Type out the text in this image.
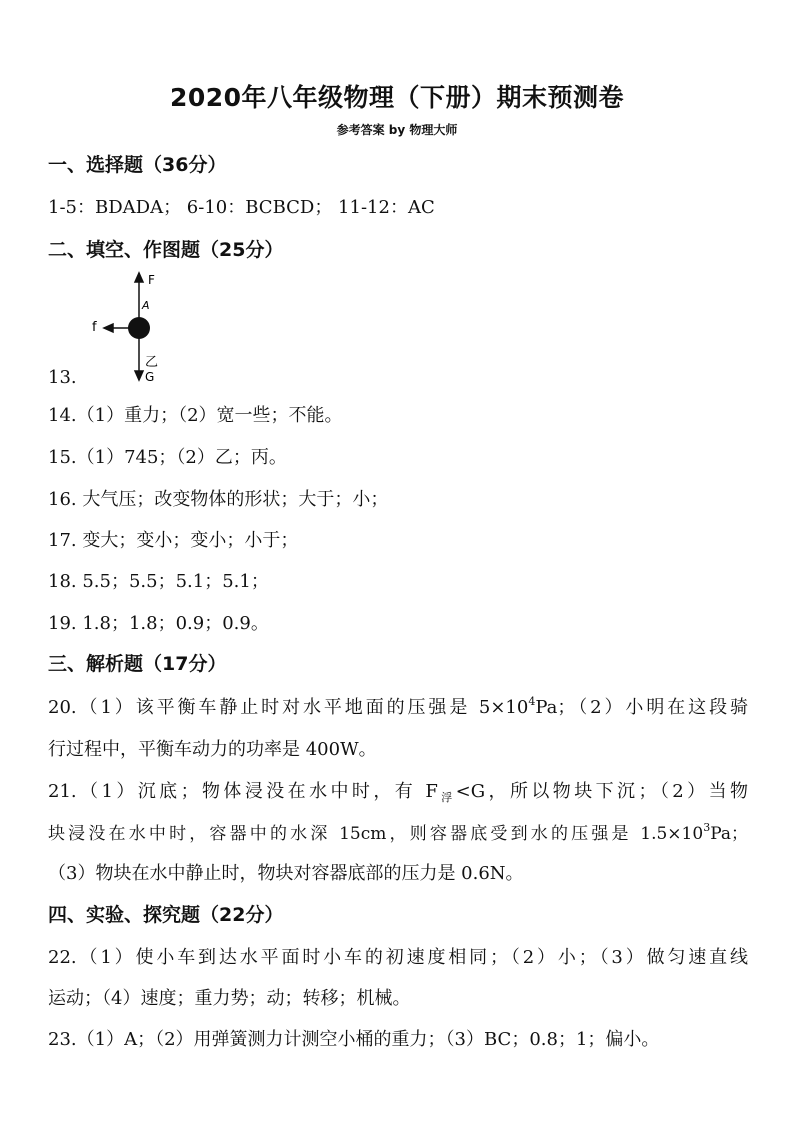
2020年八年级物理（下册）期末预测卷
参考答案 by 物理大师
一、选择题（36分）
1-5：BDADA； 6-10：BCBCD； 11-12：AC
二、填空、作图题（25分）
F
A
f
乙
G
13.
14.（1）重力；（2）宽一些；不能。
15.（1）745；（2）乙；丙。
16. 大气压；改变物体的形状；大于；小；
17. 变大；变小；变小；小于；
18. 5.5；5.5；5.1；5.1；
19. 1.8；1.8；0.9；0.9。
三、解析题（17分）
20.（1）该平衡车静止时对水平地面的压强是 $5\times 10^4Pa$；（2）小明在这段骑
行过程中，平衡车动力的功率是 400W。
21.（1）沉底；物体浸没在水中时，有 $F_浮<G$，所以物块下沉；（2）当物
块浸没在水中时，容器中的水深 15cm，则容器底受到水的压强是 $1.5\times 10^3Pa$；
（3）物块在水中静止时，物块对容器底部的压力是 0.6N。
四、实验、探究题（22分）
22.（1）使小车到达水平面时小车的初速度相同；（2）小；（3）做匀速直线
运动；（4）速度；重力势；动；转移；机械。
23.（1）A；（2）用弹簧测力计测空小桶的重力；（3）BC；0.8；1；偏小。
